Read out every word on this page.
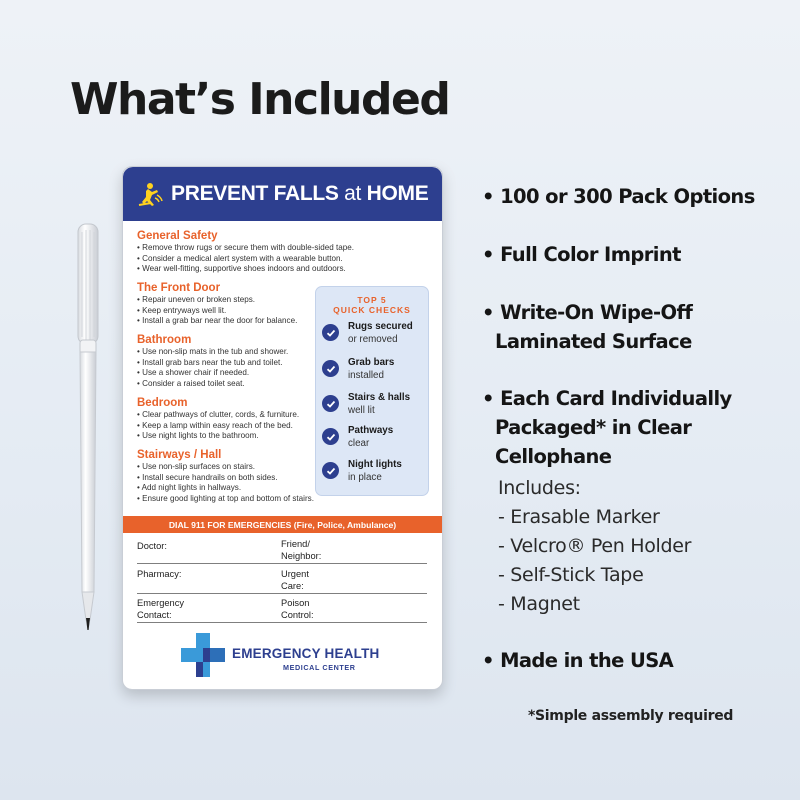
What’s Included
PREVENT FALLS at HOME
General Safety
• Remove throw rugs or secure them with double-sided tape.
• Consider a medical alert system with a wearable button.
• Wear well-fitting, supportive shoes indoors and outdoors.
The Front Door
• Repair uneven or broken steps.
• Keep entryways well lit.
• Install a grab bar near the door for balance.
Bathroom
• Use non-slip mats in the tub and shower.
• Install grab bars near the tub and toilet.
• Use a shower chair if needed.
• Consider a raised toilet seat.
Bedroom
• Clear pathways of clutter, cords, & furniture.
• Keep a lamp within easy reach of the bed.
• Use night lights to the bathroom.
Stairways / Hall
• Use non-slip surfaces on stairs.
• Install secure handrails on both sides.
• Add night lights in hallways.
• Ensure good lighting at top and bottom of stairs.
TOP 5
QUICK CHECKS
Rugs secured
or removed
Grab bars
installed
Stairs & halls
well lit
Pathways
clear
Night lights
in place
DIAL 911 FOR EMERGENCIES (Fire, Police, Ambulance)
Doctor:	Friend/
Neighbor:
Pharmacy:	Urgent
Care:
Emergency
Contact:
Poison
Control:
EMERGENCY HEALTH
MEDICAL CENTER
• 100 or 300 Pack Options
• Full Color Imprint
• Write-On Wipe-Off
Laminated Surface
• Each Card Individually
Packaged* in Clear
Cellophane
Includes:
- Erasable Marker
- Velcro® Pen Holder
- Self-Stick Tape
- Magnet
• Made in the USA
*Simple assembly required
